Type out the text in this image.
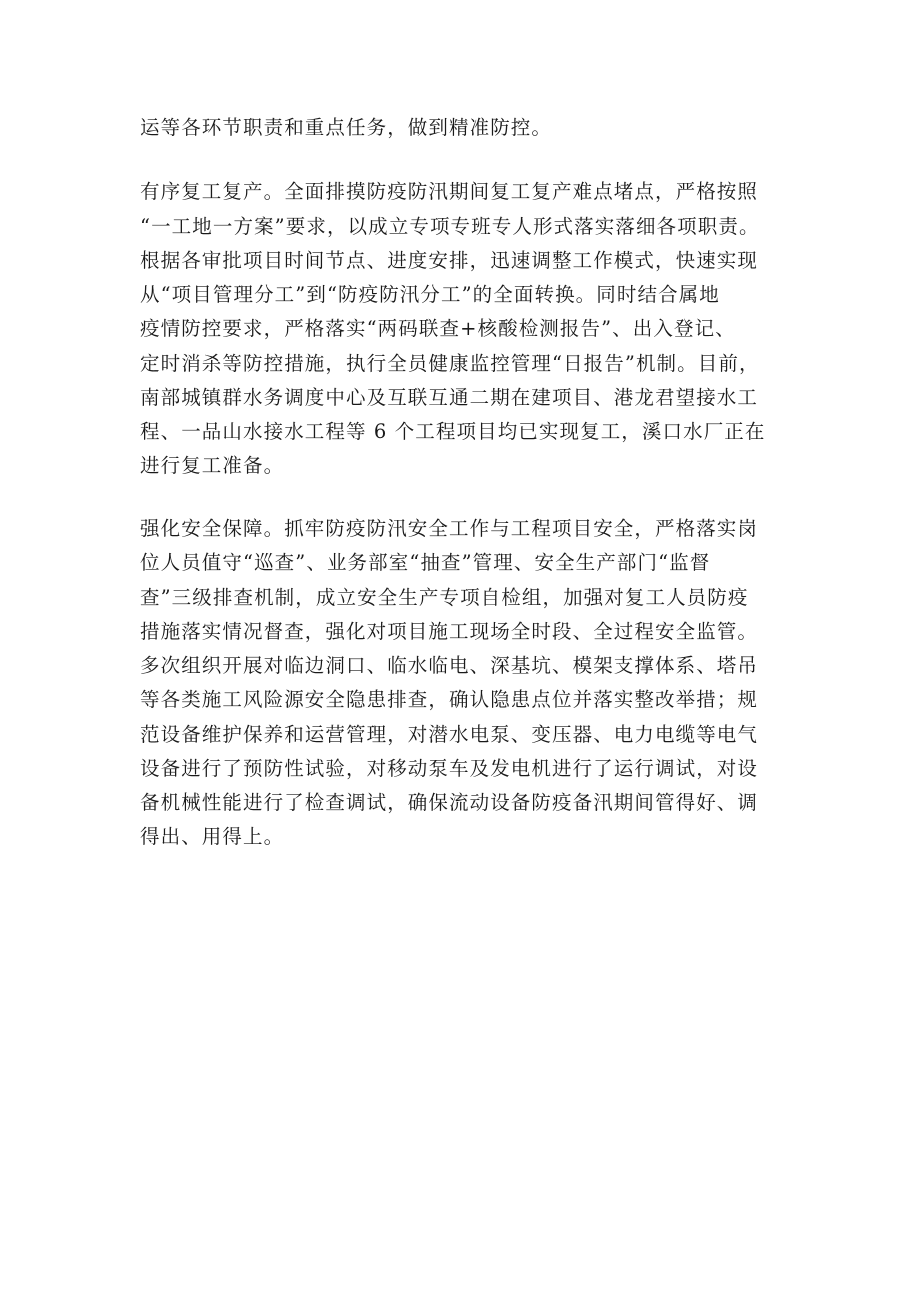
运等各环节职责和重点任务，做到精准防控。
有序复工复产。全面排摸防疫防汛期间复工复产难点堵点，严格按照
“一工地一方案”要求，以成立专项专班专人形式落实落细各项职责。
根据各审批项目时间节点、进度安排，迅速调整工作模式，快速实现
从“项目管理分工”到“防疫防汛分工”的全面转换。同时结合属地
疫情防控要求，严格落实“两码联查+核酸检测报告”、出入登记、
定时消杀等防控措施，执行全员健康监控管理“日报告”机制。目前，
南部城镇群水务调度中心及互联互通二期在建项目、港龙君望接水工
程、一品山水接水工程等 6 个工程项目均已实现复工，溪口水厂正在
进行复工准备。
强化安全保障。抓牢防疫防汛安全工作与工程项目安全，严格落实岗
位人员值守“巡查”、业务部室“抽查”管理、安全生产部门“监督
查”三级排查机制，成立安全生产专项自检组，加强对复工人员防疫
措施落实情况督查，强化对项目施工现场全时段、全过程安全监管。
多次组织开展对临边洞口、临水临电、深基坑、模架支撑体系、塔吊
等各类施工风险源安全隐患排查，确认隐患点位并落实整改举措；规
范设备维护保养和运营管理，对潜水电泵、变压器、电力电缆等电气
设备进行了预防性试验，对移动泵车及发电机进行了运行调试，对设
备机械性能进行了检查调试，确保流动设备防疫备汛期间管得好、调
得出、用得上。
